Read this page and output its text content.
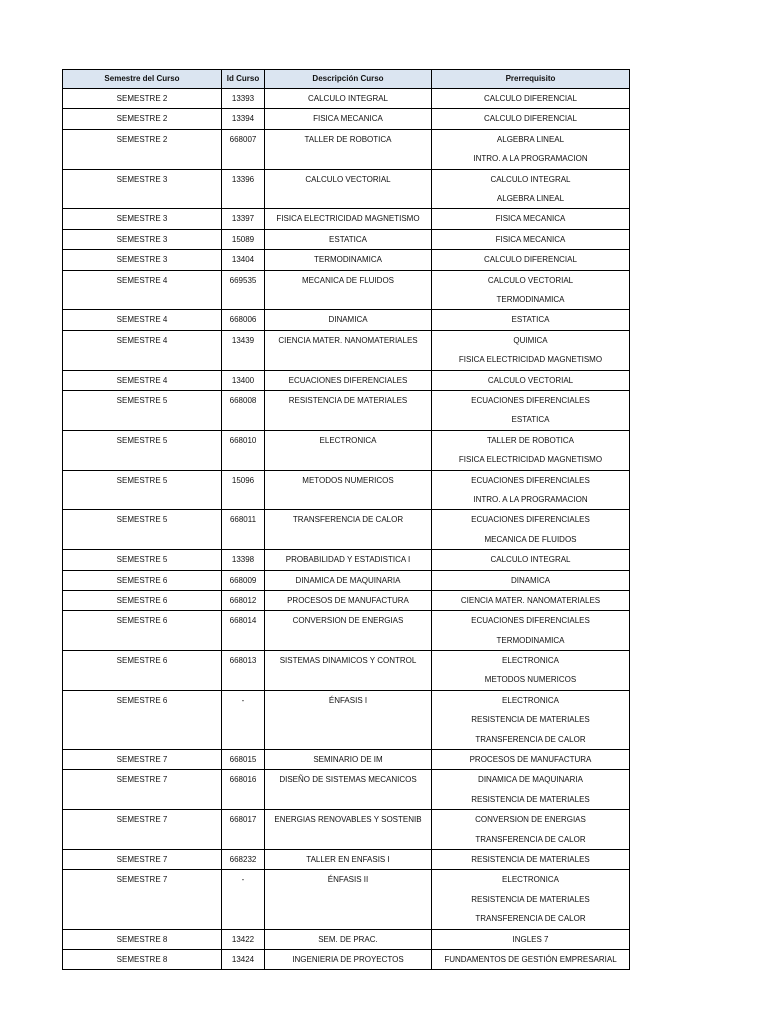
Semestre del Curso	Id Curso	Descripción Curso	Prerrequisito
SEMESTRE 2	13393	CALCULO INTEGRAL	CALCULO DIFERENCIAL

SEMESTRE 2	13394	FISICA MECANICA	CALCULO DIFERENCIAL

SEMESTRE 2	668007	TALLER DE ROBOTICA	ALGEBRA LINEAL
INTRO. A LA PROGRAMACION

SEMESTRE 3	13396	CALCULO VECTORIAL	CALCULO INTEGRAL
ALGEBRA LINEAL

SEMESTRE 3	13397	FISICA ELECTRICIDAD MAGNETISMO	FISICA MECANICA

SEMESTRE 3	15089	ESTATICA	FISICA MECANICA

SEMESTRE 3	13404	TERMODINAMICA	CALCULO DIFERENCIAL

SEMESTRE 4	669535	MECANICA DE FLUIDOS	CALCULO VECTORIAL
TERMODINAMICA

SEMESTRE 4	668006	DINAMICA	ESTATICA

SEMESTRE 4	13439	CIENCIA MATER. NANOMATERIALES	QUIMICA
FISICA ELECTRICIDAD MAGNETISMO

SEMESTRE 4	13400	ECUACIONES DIFERENCIALES	CALCULO VECTORIAL

SEMESTRE 5	668008	RESISTENCIA DE MATERIALES	ECUACIONES DIFERENCIALES
ESTATICA

SEMESTRE 5	668010	ELECTRONICA	TALLER DE ROBOTICA
FISICA ELECTRICIDAD MAGNETISMO

SEMESTRE 5	15096	METODOS NUMERICOS	ECUACIONES DIFERENCIALES
INTRO. A LA PROGRAMACION

SEMESTRE 5	668011	TRANSFERENCIA DE CALOR	ECUACIONES DIFERENCIALES
MECANICA DE FLUIDOS

SEMESTRE 5	13398	PROBABILIDAD Y ESTADISTICA I	CALCULO INTEGRAL

SEMESTRE 6	668009	DINAMICA DE MAQUINARIA	DINAMICA

SEMESTRE 6	668012	PROCESOS DE MANUFACTURA	CIENCIA MATER. NANOMATERIALES

SEMESTRE 6	668014	CONVERSION DE ENERGIAS	ECUACIONES DIFERENCIALES
TERMODINAMICA

SEMESTRE 6	668013	SISTEMAS DINAMICOS Y CONTROL	ELECTRONICA
METODOS NUMERICOS

SEMESTRE 6	-	ÉNFASIS I	ELECTRONICA
RESISTENCIA DE MATERIALES
TRANSFERENCIA DE CALOR

SEMESTRE 7	668015	SEMINARIO DE IM	PROCESOS DE MANUFACTURA

SEMESTRE 7	668016	DISEÑO DE SISTEMAS MECANICOS	DINAMICA DE MAQUINARIA
RESISTENCIA DE MATERIALES

SEMESTRE 7	668017	ENERGIAS RENOVABLES Y SOSTENIB	CONVERSION DE ENERGIAS
TRANSFERENCIA DE CALOR

SEMESTRE 7	668232	TALLER EN ENFASIS I	RESISTENCIA DE MATERIALES

SEMESTRE 7	-	ÉNFASIS II	ELECTRONICA
RESISTENCIA DE MATERIALES
TRANSFERENCIA DE CALOR

SEMESTRE 8	13422	SEM. DE PRAC.	INGLES 7

SEMESTRE 8	13424	INGENIERIA DE PROYECTOS	FUNDAMENTOS DE GESTIÓN EMPRESARIAL
